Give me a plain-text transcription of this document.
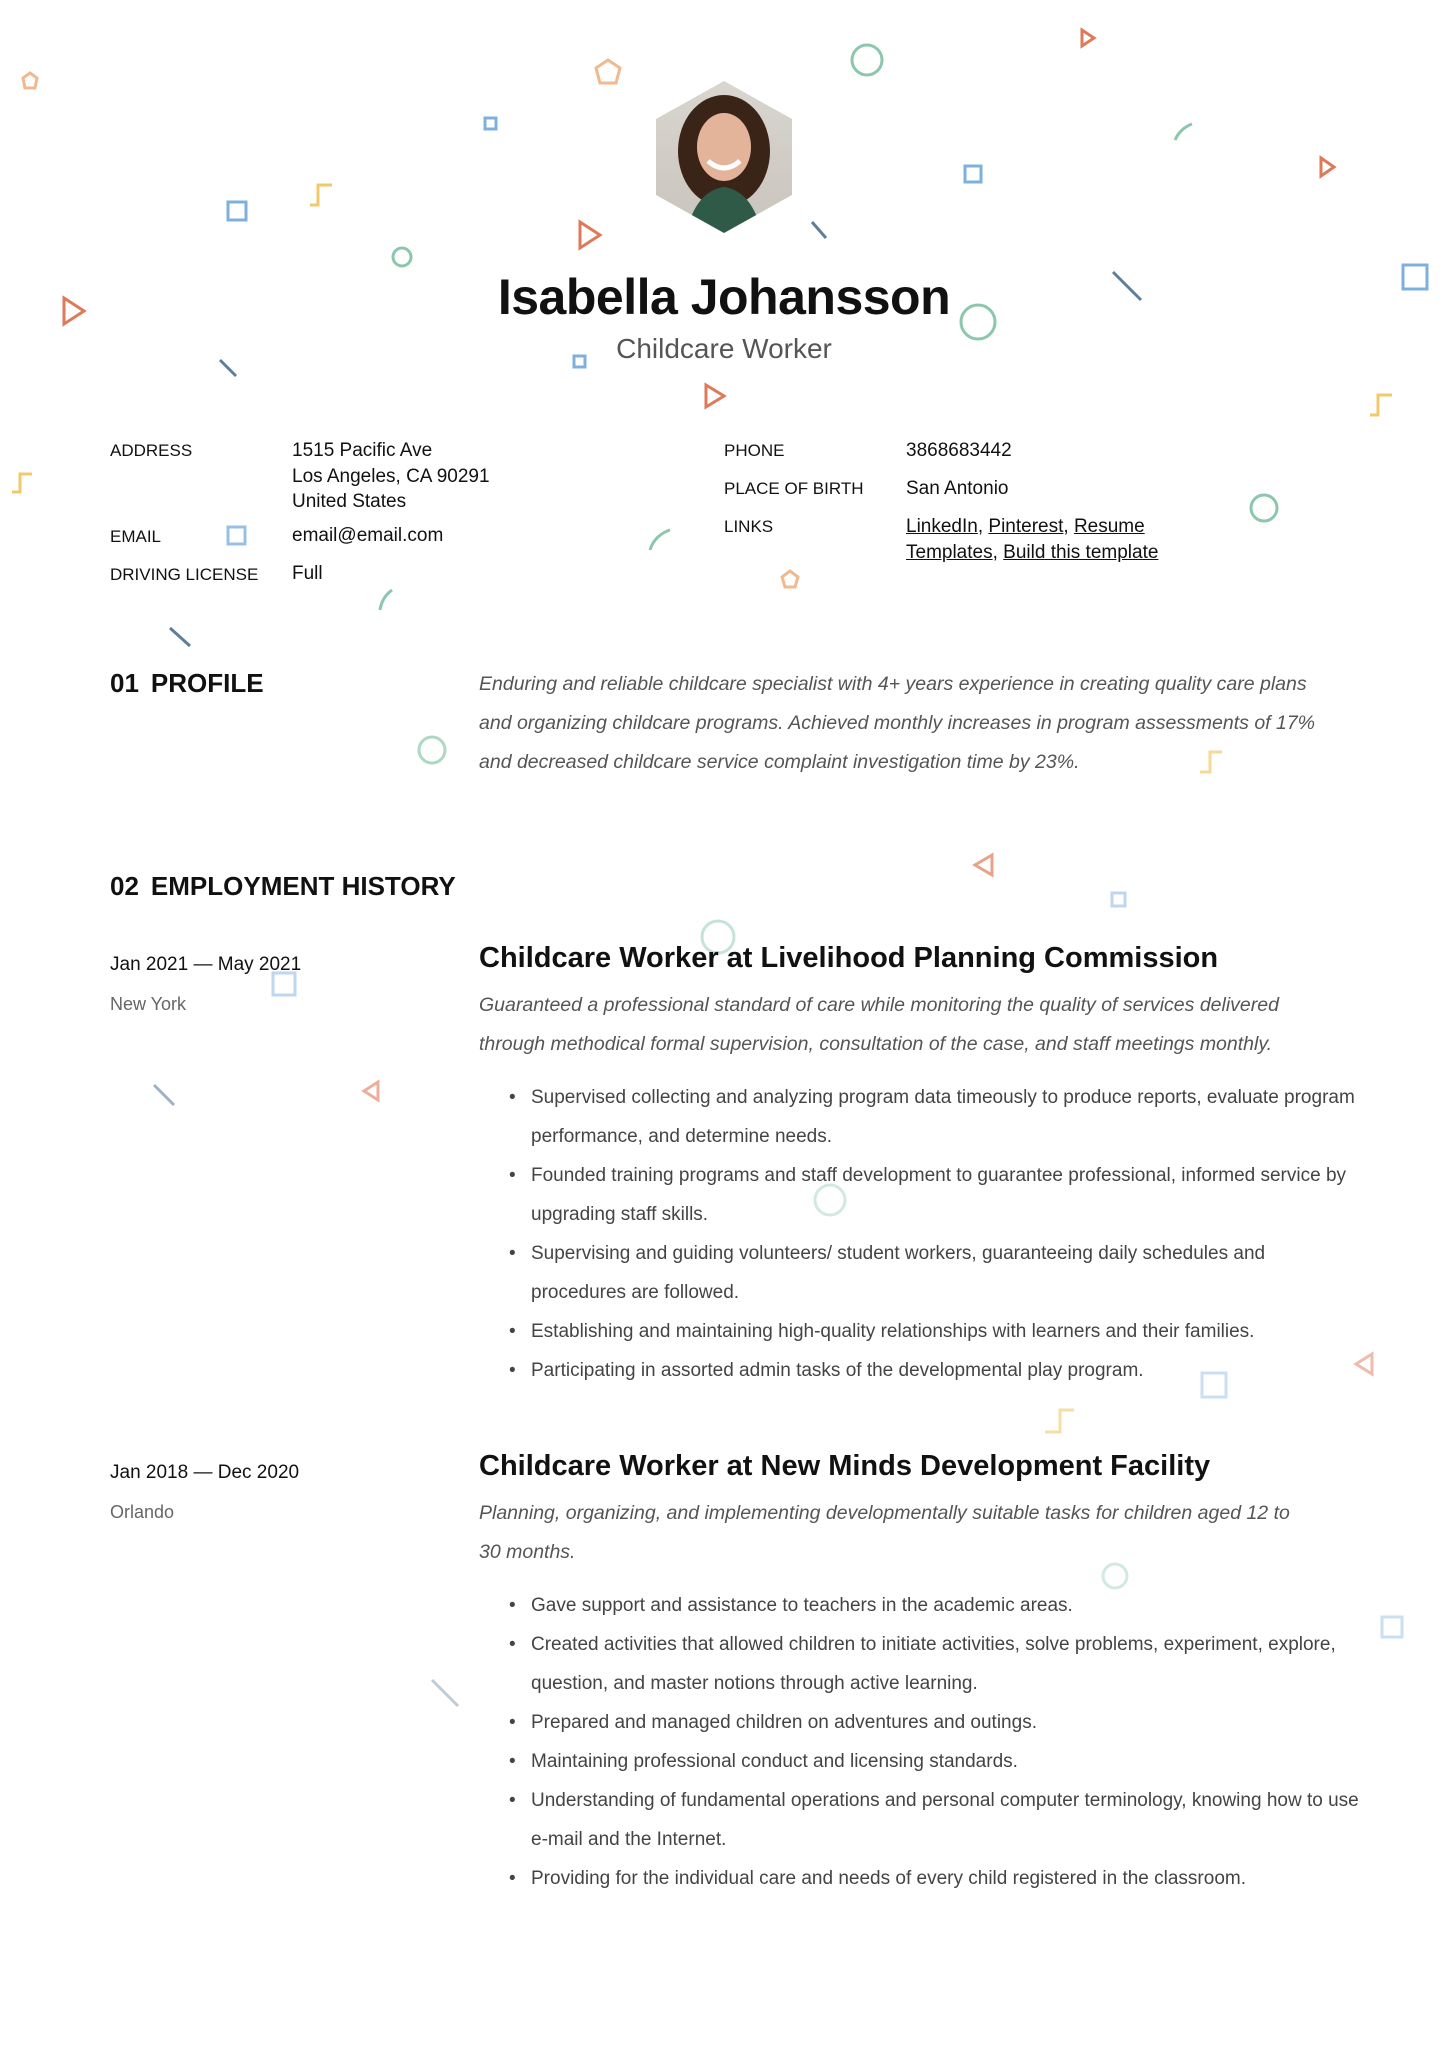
Isabella Johansson
Childcare Worker
ADDRESS	1515 Pacific Ave
Los Angeles, CA 90291
United States
EMAIL	email@email.com
DRIVING LICENSE Full
PHONE	3868683442
PLACE OF BIRTH San Antonio
LINKS	LinkedIn, Pinterest, Resume Templates, Build this template
01 PROFILE	Enduring and reliable childcare specialist with 4+ years experience in creating quality care plans
and organizing childcare programs. Achieved monthly increases in program assessments of 17%
and decreased childcare service complaint investigation time by 23%.
02 EMPLOYMENT HISTORY
Jan 2021 — May 2021
New York
Childcare Worker at Livelihood Planning Commission
Guaranteed a professional standard of care while monitoring the quality of services delivered
through methodical formal supervision, consultation of the case, and staff meetings monthly.
• Supervised collecting and analyzing program data timeously to produce reports, evaluate program performance, and determine needs.
• Founded training programs and staff development to guarantee professional, informed service by upgrading staff skills.
• Supervising and guiding volunteers/ student workers, guaranteeing daily schedules and procedures are followed.
• Establishing and maintaining high-quality relationships with learners and their families.
• Participating in assorted admin tasks of the developmental play program.
Jan 2018 — Dec 2020
Orlando
Childcare Worker at New Minds Development Facility
Planning, organizing, and implementing developmentally suitable tasks for children aged 12 to
30 months.
• Gave support and assistance to teachers in the academic areas.
• Created activities that allowed children to initiate activities, solve problems, experiment, explore, question, and master notions through active learning.
• Prepared and managed children on adventures and outings.
• Maintaining professional conduct and licensing standards.
• Understanding of fundamental operations and personal computer terminology, knowing how to use e-mail and the Internet.
• Providing for the individual care and needs of every child registered in the classroom.
